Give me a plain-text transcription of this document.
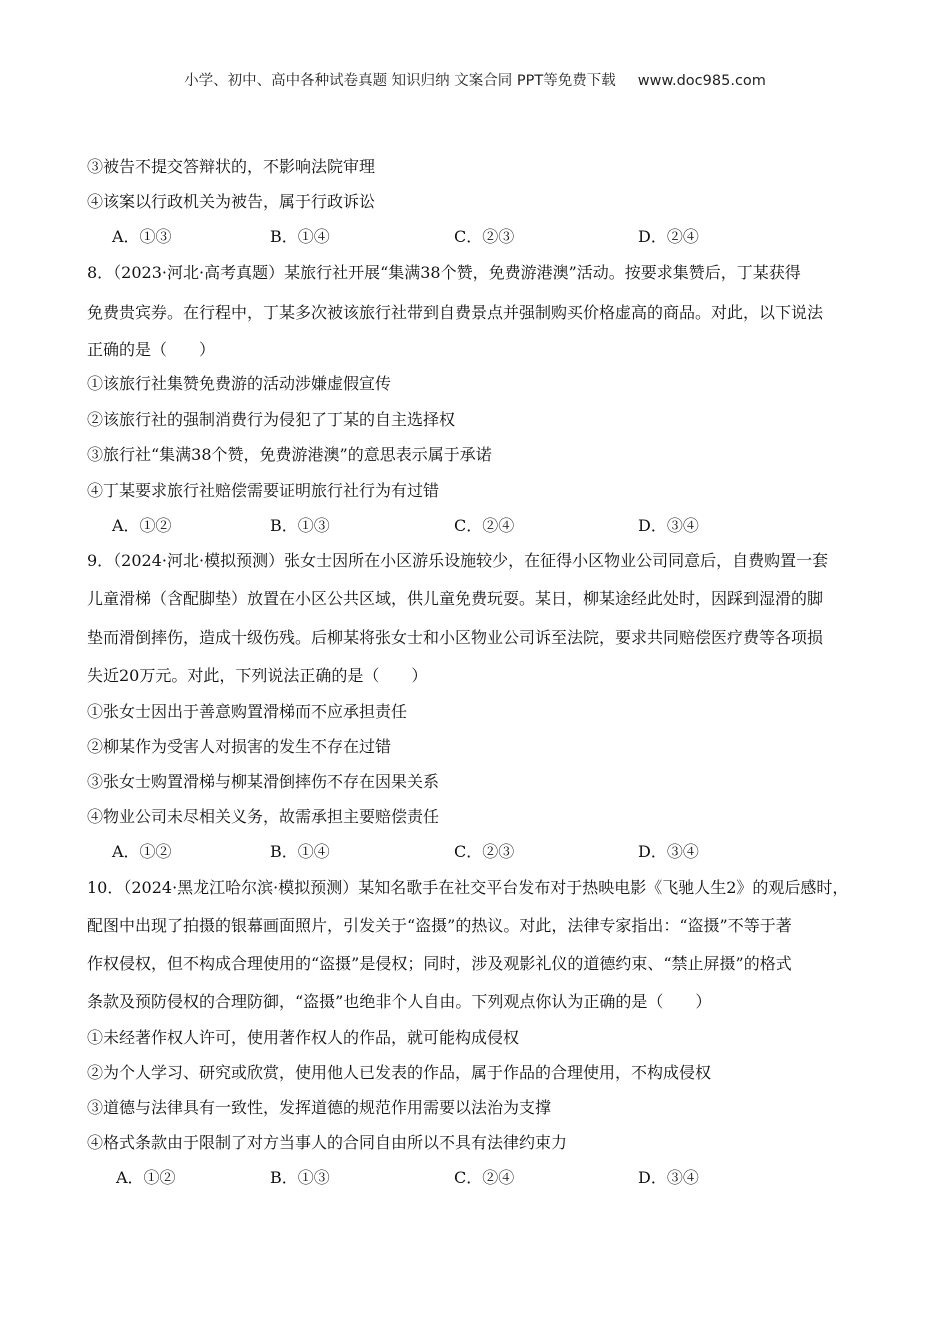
小学、初中、高中各种试卷真题 知识归纳 文案合同 PPT等免费下载 www.doc985.com
③被告不提交答辩状的，不影响法院审理
④该案以行政机关为被告，属于行政诉讼
A．①③	B．①④	C．②③	D．②④
8．（2023·河北·高考真题）某旅行社开展“集满38个赞，免费游港澳”活动。按要求集赞后，丁某获得
免费贵宾券。在行程中，丁某多次被该旅行社带到自费景点并强制购买价格虚高的商品。对此，以下说法
正确的是（　　）
①该旅行社集赞免费游的活动涉嫌虚假宣传
②该旅行社的强制消费行为侵犯了丁某的自主选择权
③旅行社“集满38个赞，免费游港澳”的意思表示属于承诺
④丁某要求旅行社赔偿需要证明旅行社行为有过错
A．①②	B．①③	C．②④	D．③④
9．（2024·河北·模拟预测）张女士因所在小区游乐设施较少，在征得小区物业公司同意后，自费购置一套
儿童滑梯（含配脚垫）放置在小区公共区域，供儿童免费玩耍。某日，柳某途经此处时，因踩到湿滑的脚
垫而滑倒摔伤，造成十级伤残。后柳某将张女士和小区物业公司诉至法院，要求共同赔偿医疗费等各项损
失近20万元。对此，下列说法正确的是（　　）
①张女士因出于善意购置滑梯而不应承担责任
②柳某作为受害人对损害的发生不存在过错
③张女士购置滑梯与柳某滑倒摔伤不存在因果关系
④物业公司未尽相关义务，故需承担主要赔偿责任
A．①②	B．①④	C．②③	D．③④
10．（2024·黑龙江哈尔滨·模拟预测）某知名歌手在社交平台发布对于热映电影《飞驰人生2》的观后感时，
配图中出现了拍摄的银幕画面照片，引发关于“盗摄”的热议。对此，法律专家指出：“盗摄”不等于著
作权侵权，但不构成合理使用的“盗摄”是侵权；同时，涉及观影礼仪的道德约束、“禁止屏摄”的格式
条款及预防侵权的合理防御，“盗摄”也绝非个人自由。下列观点你认为正确的是（　　）
①未经著作权人许可，使用著作权人的作品，就可能构成侵权
②为个人学习、研究或欣赏，使用他人已发表的作品，属于作品的合理使用，不构成侵权
③道德与法律具有一致性，发挥道德的规范作用需要以法治为支撑
④格式条款由于限制了对方当事人的合同自由所以不具有法律约束力
A．①②	B．①③	C．②④	D．③④
